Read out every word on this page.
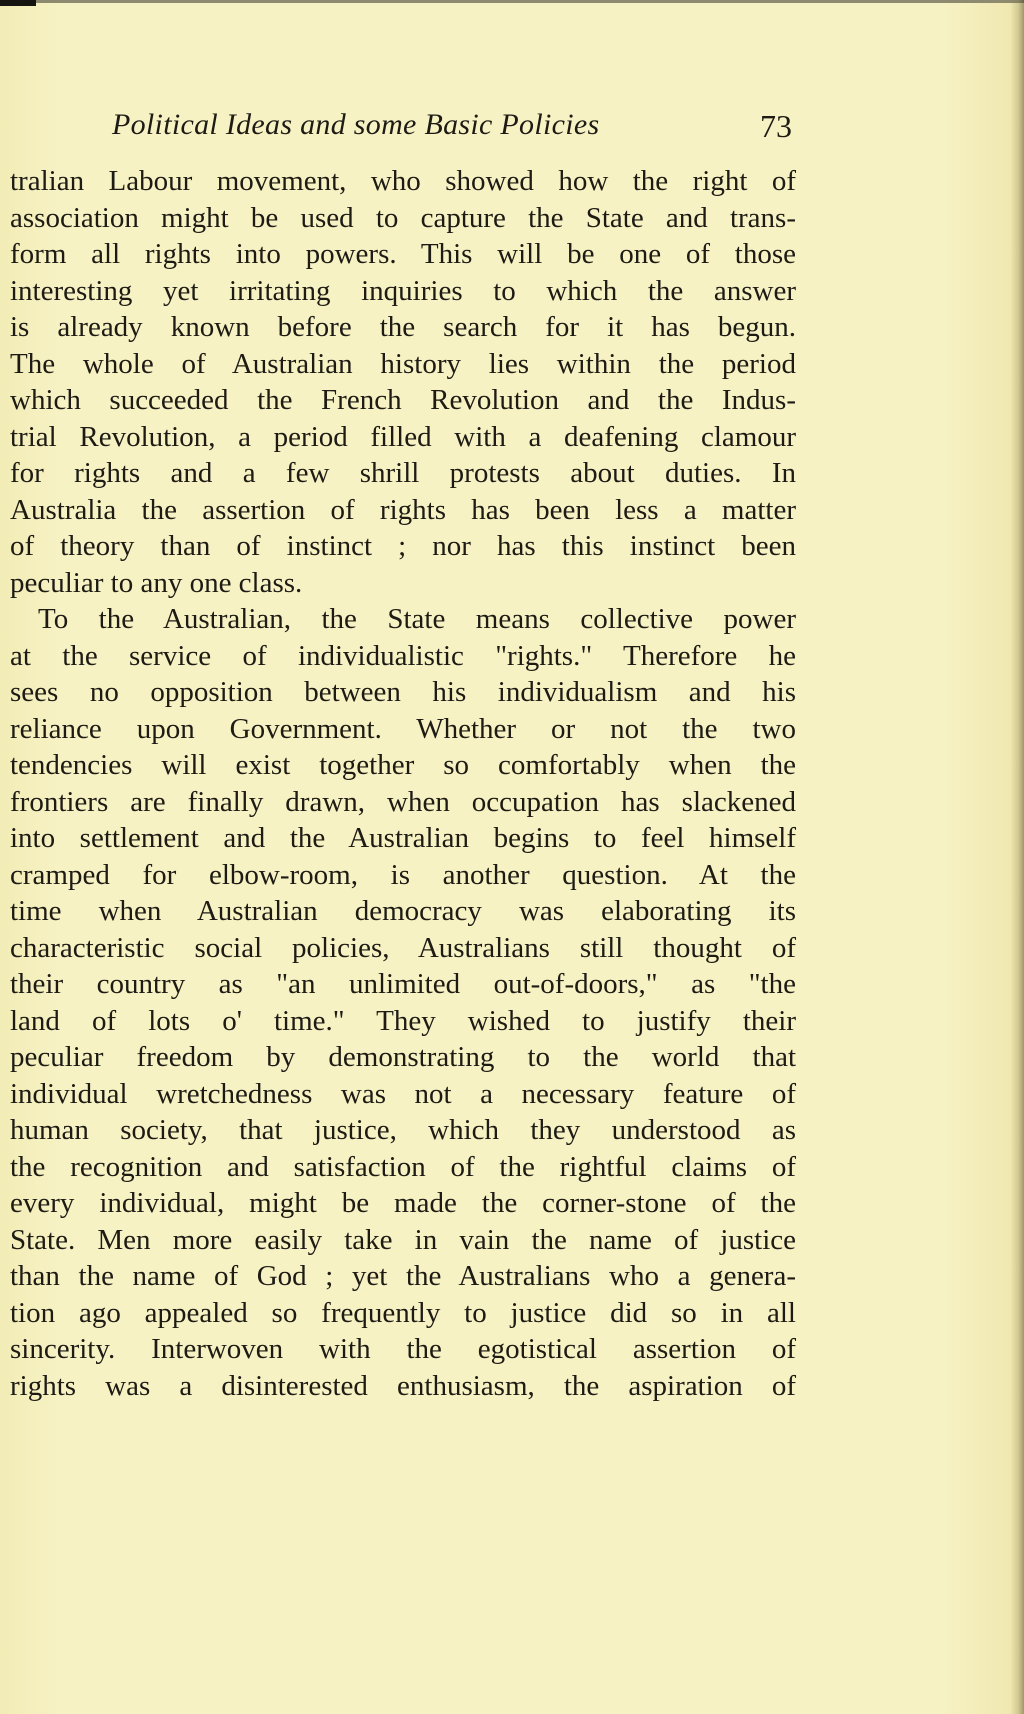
Political Ideas and some Basic Policies	73
tralian Labour movement, who showed how the right of
association might be used to capture the State and trans-
form all rights into powers. This will be one of those
interesting yet irritating inquiries to which the answer
is already known before the search for it has begun.
The whole of Australian history lies within the period
which succeeded the French Revolution and the Indus-
trial Revolution, a period filled with a deafening clamour
for rights and a few shrill protests about duties. In
Australia the assertion of rights has been less a matter
of theory than of instinct ; nor has this instinct been
peculiar to any one class.
To the Australian, the State means collective power
at the service of individualistic "rights." Therefore he
sees no opposition between his individualism and his
reliance upon Government. Whether or not the two
tendencies will exist together so comfortably when the
frontiers are finally drawn, when occupation has slackened
into settlement and the Australian begins to feel himself
cramped for elbow-room, is another question. At the
time when Australian democracy was elaborating its
characteristic social policies, Australians still thought of
their country as "an unlimited out-of-doors," as "the
land of lots o' time." They wished to justify their
peculiar freedom by demonstrating to the world that
individual wretchedness was not a necessary feature of
human society, that justice, which they understood as
the recognition and satisfaction of the rightful claims of
every individual, might be made the corner-stone of the
State. Men more easily take in vain the name of justice
than the name of God ; yet the Australians who a genera-
tion ago appealed so frequently to justice did so in all
sincerity. Interwoven with the egotistical assertion of
rights was a disinterested enthusiasm, the aspiration of
